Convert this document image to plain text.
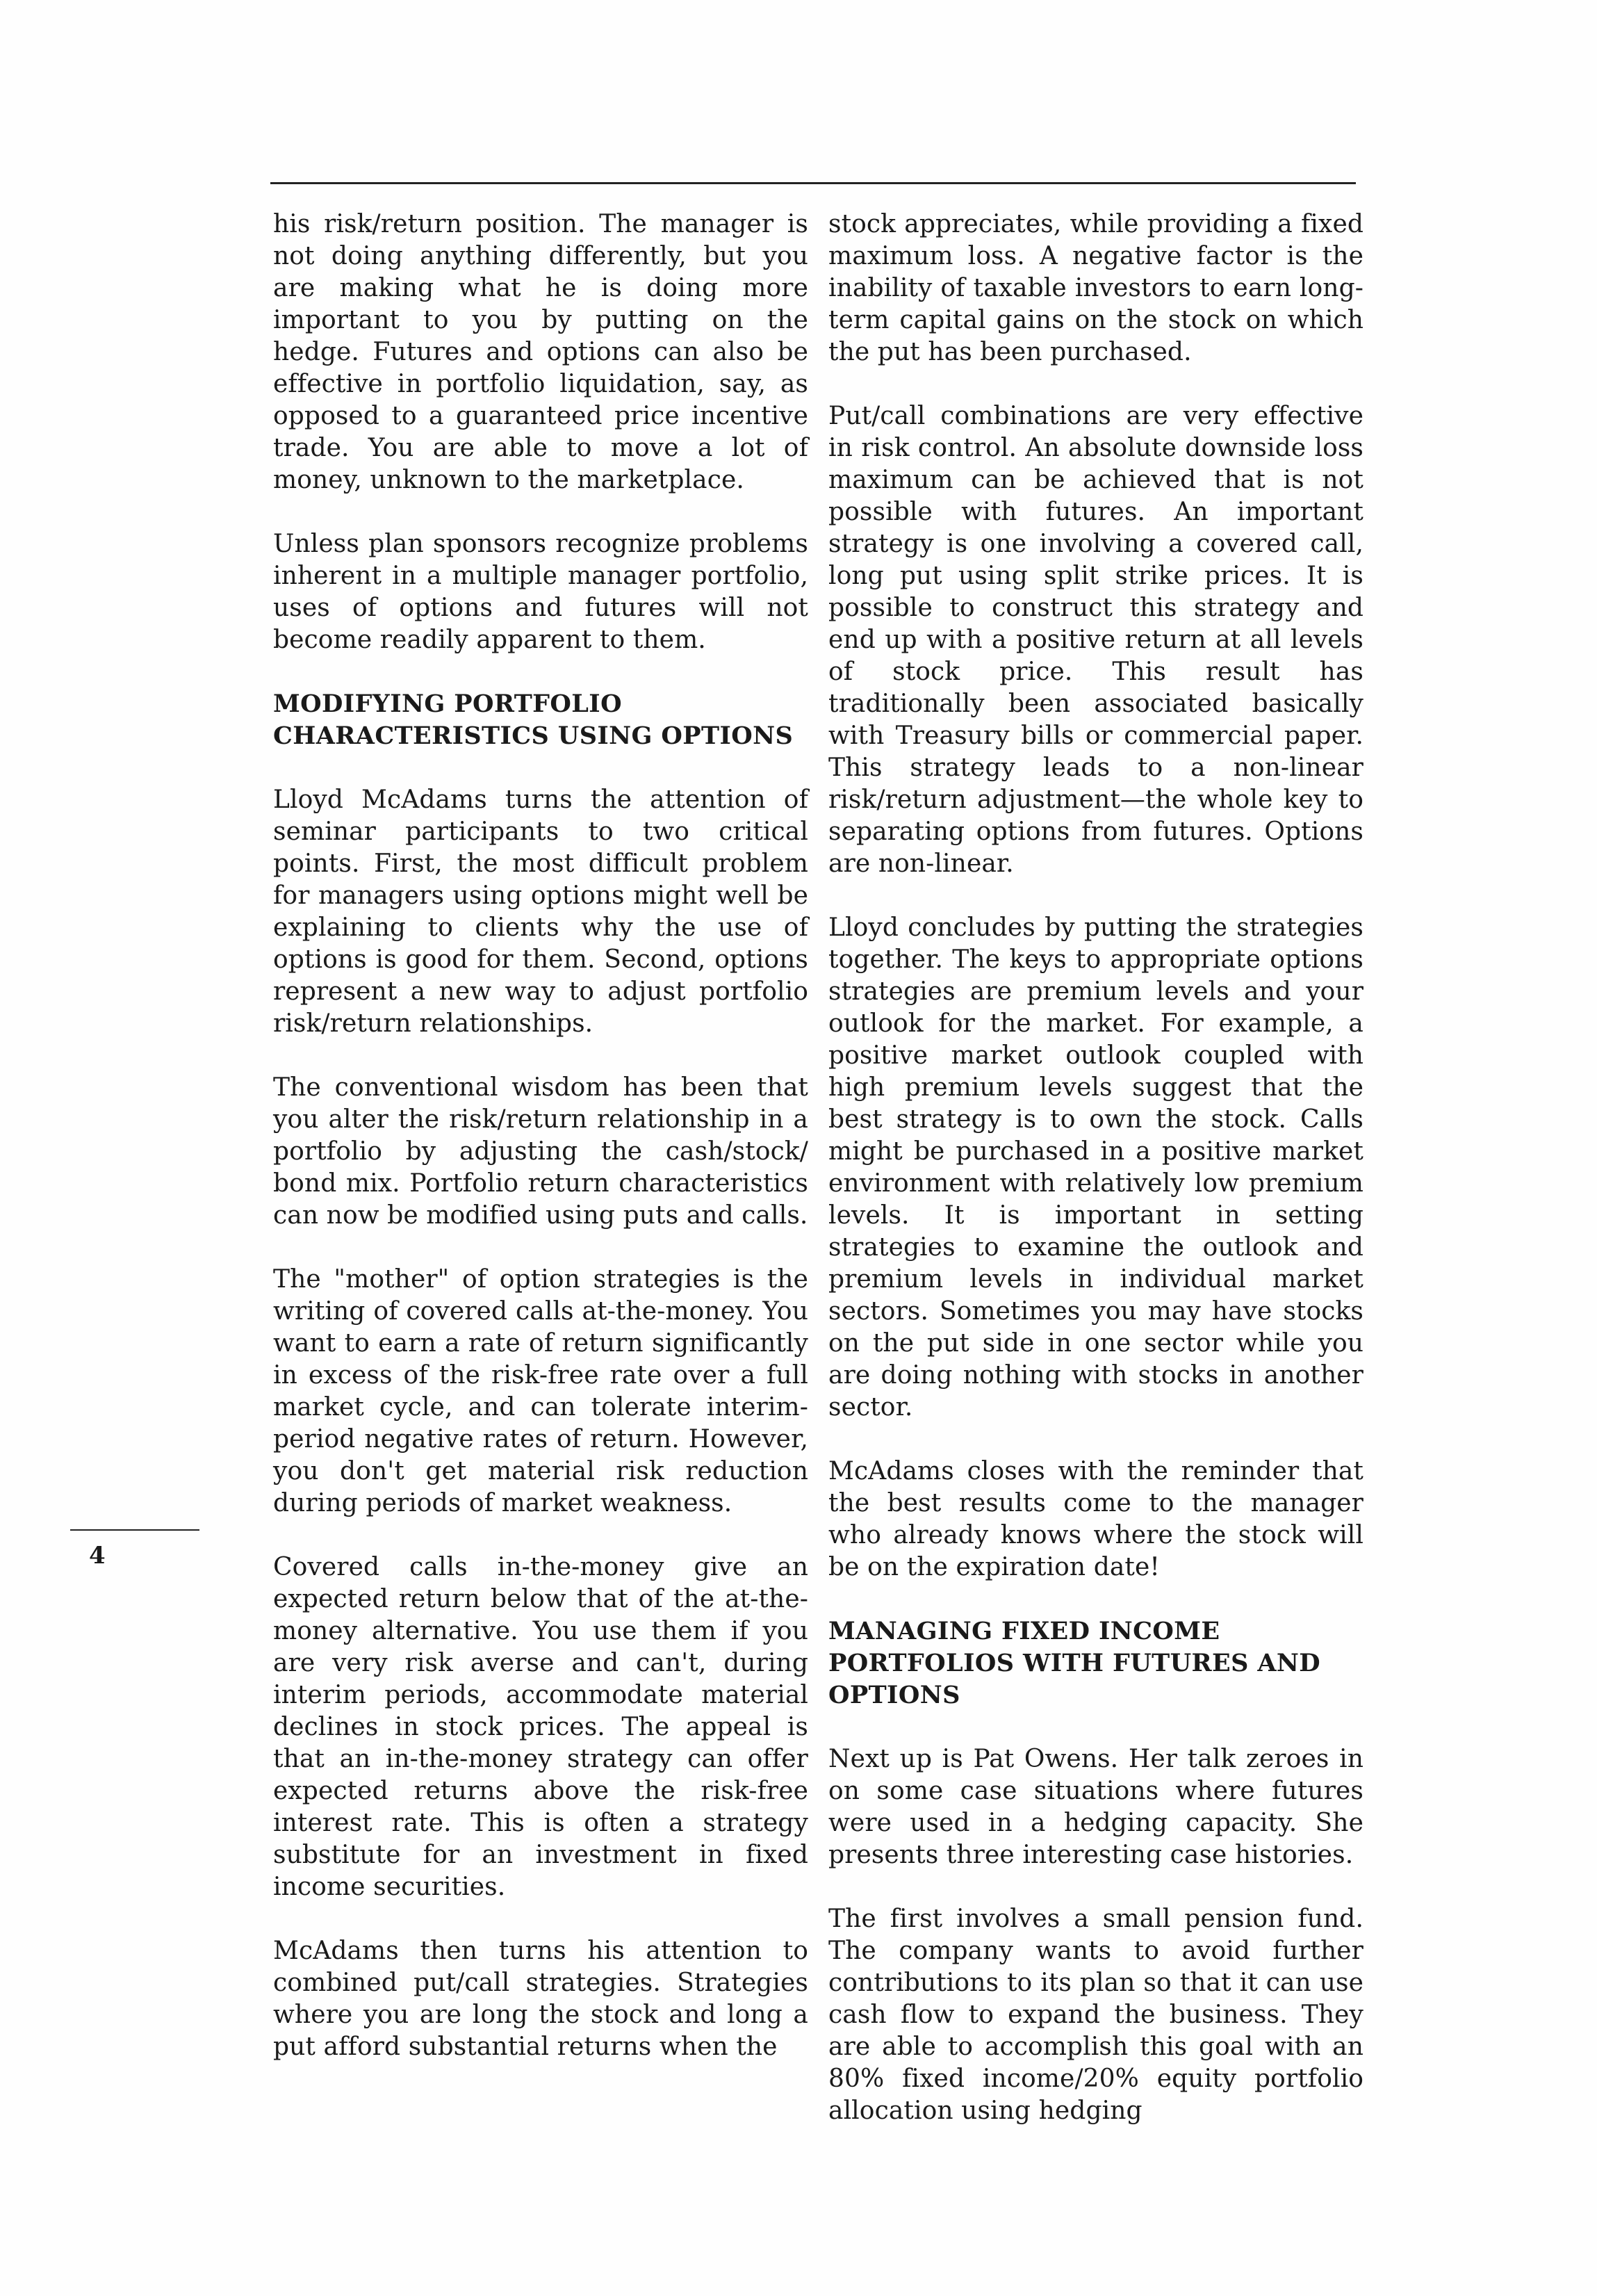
his risk/return position. The manager is not doing anything differently, but you are making what he is doing more important to you by putting on the hedge. Futures and options can also be effective in portfolio liquidation, say, as opposed to a guaranteed price incentive trade. You are able to move a lot of money, unknown to the marketplace.

Unless plan sponsors recognize problems inherent in a multiple manager portfolio, uses of options and futures will not become readily apparent to them.

MODIFYING PORTFOLIO CHARACTERISTICS USING OPTIONS

Lloyd McAdams turns the attention of seminar participants to two critical points. First, the most difficult problem for managers using options might well be explaining to clients why the use of options is good for them. Second, options represent a new way to adjust portfolio risk/return relationships.

The conventional wisdom has been that you alter the risk/return relationship in a portfolio by adjusting the cash/stock/ bond mix. Portfolio return characteristics can now be modified using puts and calls.

The "mother" of option strategies is the writing of covered calls at-the-money. You want to earn a rate of return significantly in excess of the risk-free rate over a full market cycle, and can tolerate interim-period negative rates of return. However, you don't get material risk reduction during periods of market weakness.

Covered calls in-the-money give an expected return below that of the at-the-money alternative. You use them if you are very risk averse and can't, during interim periods, accommodate material declines in stock prices. The appeal is that an in-the-money strategy can offer expected returns above the risk-free interest rate. This is often a strategy substitute for an investment in fixed income securities.

McAdams then turns his attention to combined put/call strategies. Strategies where you are long the stock and long a put afford substantial returns when the

stock appreciates, while providing a fixed maximum loss. A negative factor is the inability of taxable investors to earn long-term capital gains on the stock on which the put has been purchased.

Put/call combinations are very effective in risk control. An absolute downside loss maximum can be achieved that is not possible with futures. An important strategy is one involving a covered call, long put using split strike prices. It is possible to construct this strategy and end up with a positive return at all levels of stock price. This result has traditionally been associated basically with Treasury bills or commercial paper. This strategy leads to a non-linear risk/return adjustment—the whole key to separating options from futures. Options are non-linear.

Lloyd concludes by putting the strategies together. The keys to appropriate options strategies are premium levels and your outlook for the market. For example, a positive market outlook coupled with high premium levels suggest that the best strategy is to own the stock. Calls might be purchased in a positive market environment with relatively low premium levels. It is important in setting strategies to examine the outlook and premium levels in individual market sectors. Sometimes you may have stocks on the put side in one sector while you are doing nothing with stocks in another sector.

McAdams closes with the reminder that the best results come to the manager who already knows where the stock will be on the expiration date!

MANAGING FIXED INCOME PORTFOLIOS WITH FUTURES AND OPTIONS

Next up is Pat Owens. Her talk zeroes in on some case situations where futures were used in a hedging capacity. She presents three interesting case histories.

The first involves a small pension fund. The company wants to avoid further contributions to its plan so that it can use cash flow to expand the business. They are able to accomplish this goal with an 80% fixed income/20% equity portfolio allocation using hedging

4
